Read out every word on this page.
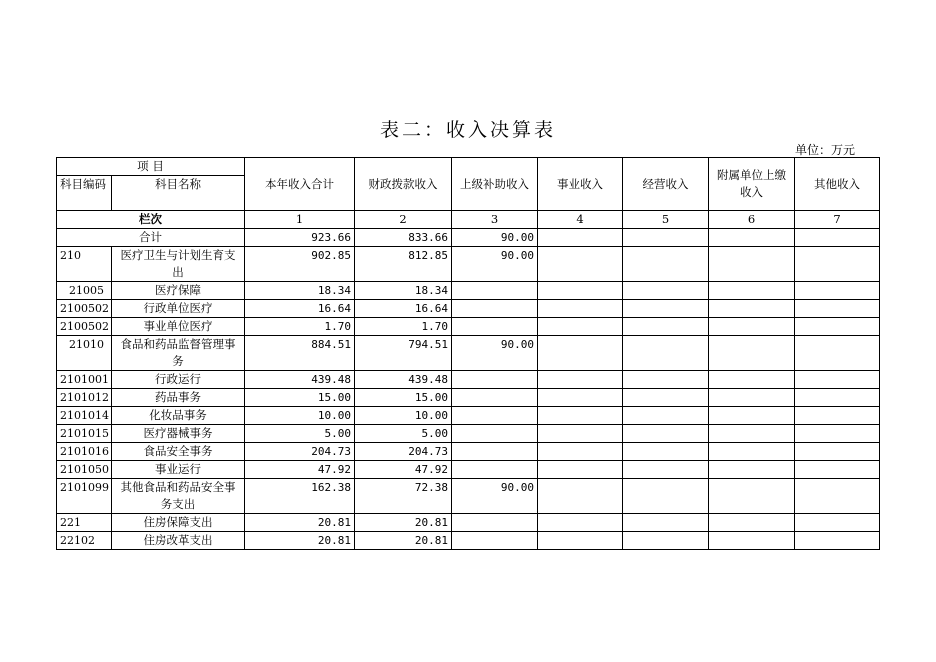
表二：收入决算表
单位：万元
项 目		本年收入合计	财政拨款收入	上级补助收入	事业收入	经营收入	附属单位上缴收入	其他收入
科目编码	科目名称							
栏次		1	2	3	4	5	6	7
合计		923.66	833.66	90.00				
210	医疗卫生与计划生育支出	902.85	812.85	90.00				
21005	医疗保障	18.34	18.34					
2100502	行政单位医疗	16.64	16.64					
2100502	事业单位医疗	1.70	1.70					
21010	食品和药品监督管理事务	884.51	794.51	90.00				
2101001	行政运行	439.48	439.48					
2101012	药品事务	15.00	15.00					
2101014	化妆品事务	10.00	10.00					
2101015	医疗器械事务	5.00	5.00					
2101016	食品安全事务	204.73	204.73					
2101050	事业运行	47.92	47.92					
2101099	其他食品和药品安全事务支出	162.38	72.38	90.00				
221	住房保障支出	20.81	20.81					
22102	住房改革支出	20.81	20.81					
